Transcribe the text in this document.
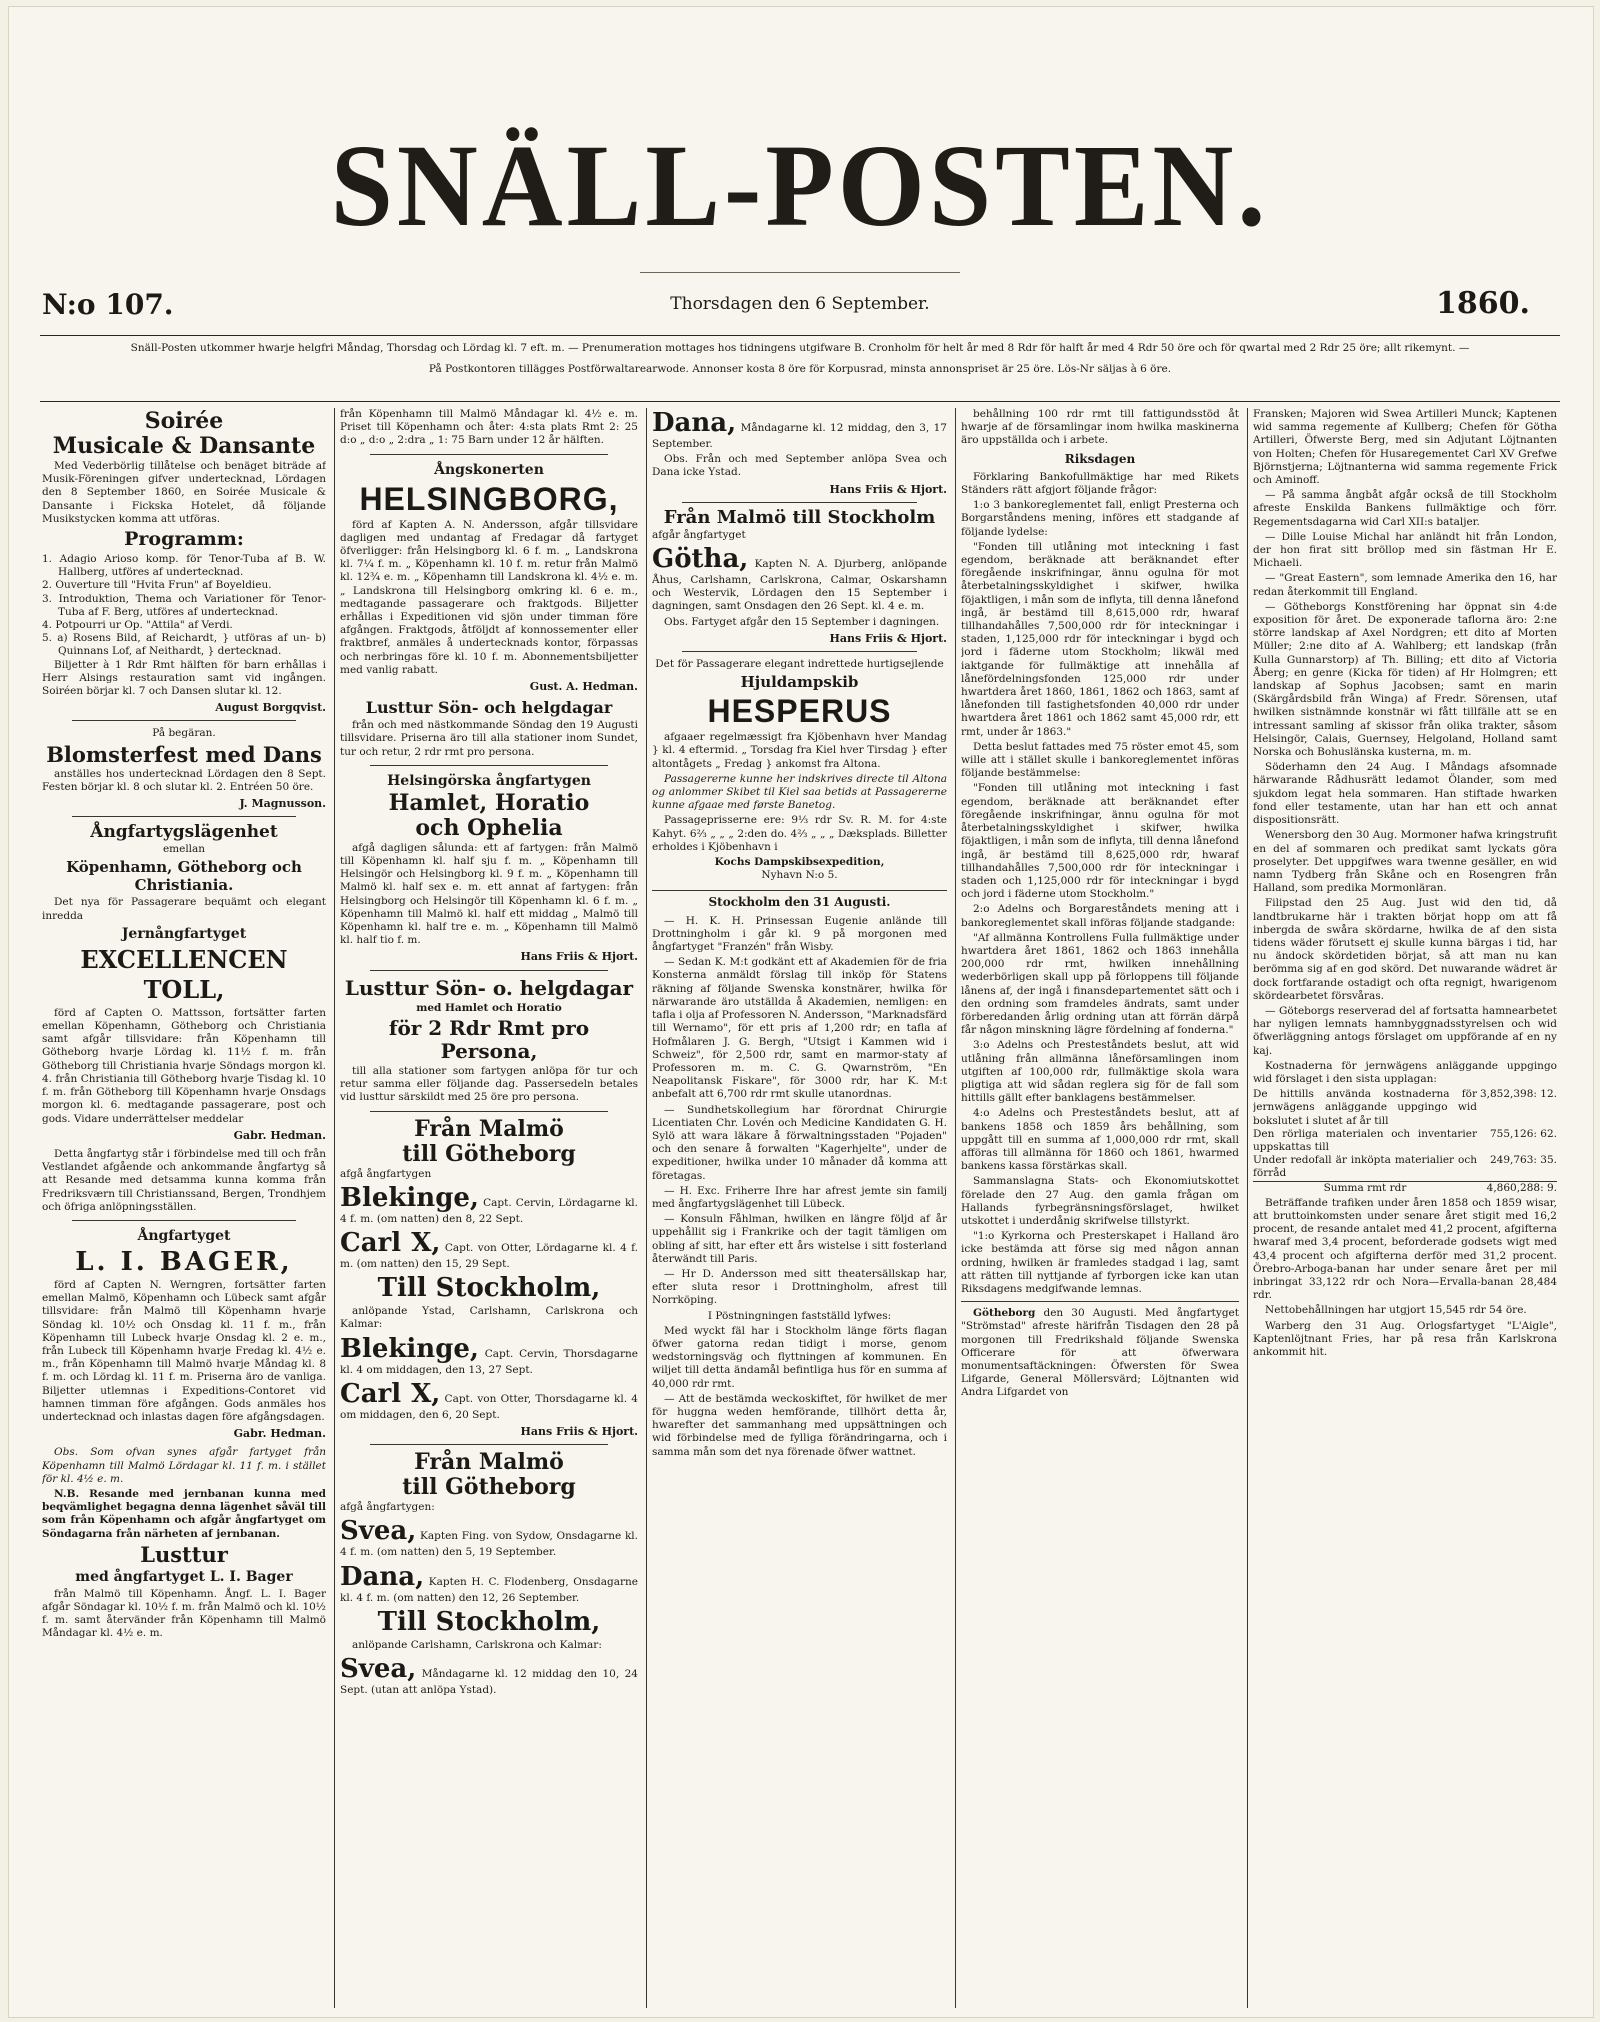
SNÄLL-POSTEN.
N:o 107.	Thorsdagen den 6 September.	1860.
Snäll-Posten utkommer hwarje helgfri Måndag, Thorsdag och Lördag kl. 7 eft. m. — Prenumeration mottages hos tidningens utgifware B. Cronholm för helt år med 8 Rdr för halft år med 4 Rdr 50 öre och för qwartal med 2 Rdr 25 öre; allt rikemynt. —
På Postkontoren tillägges Postförwaltarearwode. Annonser kosta 8 öre för Korpusrad, minsta annonspriset är 25 öre. Lös-Nr säljas à 6 öre.
Soirée
Musicale & Dansante

Med Vederbörlig tillåtelse och benäget biträde af Musik-Föreningen gifver undertecknad, Lördagen den 8 September 1860, en Soirée Musicale & Dansante i Fickska Hotelet, då följande Musikstycken komma att utföras.

Programm:
1. Adagio Arioso komp. för Tenor-Tuba af B. W. Hallberg, utföres af undertecknad.
2. Ouverture till "Hvita Frun" af Boyeldieu.
3. Introduktion, Thema och Variationer för Tenor-Tuba af F. Berg, utföres af undertecknad.
4. Potpourri ur Op. "Attila" af Verdi.
5. a) Rosens Bild, af Reichardt, } utföras af un- b) Quinnans Lof, af Neithardt, } dertecknad.

Biljetter à 1 Rdr Rmt hälften för barn erhållas i Herr Alsings restauration samt vid ingången. Soiréen börjar kl. 7 och Dansen slutar kl. 12.

August Borgqvist.
På begäran.
Blomsterfest med Dans

anställes hos undertecknad Lördagen den 8 Sept. Festen börjar kl. 8 och slutar kl. 2. Entréen 50 öre.

J. Magnusson.
Ångfartygslägenhet
emellan
Köpenhamn, Götheborg och Christiania.

Det nya för Passagerare bequämt och elegant inredda

Jernångfartyget
EXCELLENCEN TOLL,

förd af Capten O. Mattsson, fortsätter farten emellan Köpenhamn, Götheborg och Christiania samt afgår tillsvidare: från Köpenhamn till Götheborg hvarje Lördag kl. 11½ f. m. från Götheborg till Christiania hvarje Söndags morgon kl. 4. från Christiania till Götheborg hvarje Tisdag kl. 10 f. m. från Götheborg till Köpenhamn hvarje Onsdags morgon kl. 6. medtagande passagerare, post och gods. Vidare underrättelser meddelar

Gabr. Hedman.

Detta ångfartyg står i förbindelse med till och från Vestlandet afgående och ankommande ångfartyg så att Resande med detsamma kunna komma från Fredriksværn till Christianssand, Bergen, Trondhjem och öfriga anlöpningsställen.

Ångfartyget
L. I. BAGER,

förd af Capten N. Werngren, fortsätter farten emellan Malmö, Köpenhamn och Lübeck samt afgår tillsvidare: från Malmö till Köpenhamn hvarje Söndag kl. 10½ och Onsdag kl. 11 f. m., från Köpenhamn till Lubeck hvarje Onsdag kl. 2 e. m., från Lubeck till Köpenhamn hvarje Fredag kl. 4½ e. m., från Köpenhamn till Malmö hvarje Måndag kl. 8 f. m. och Lördag kl. 11 f. m. Priserna äro de vanliga. Biljetter utlemnas i Expeditions-Contoret vid hamnen timman före afgången. Gods anmäles hos undertecknad och inlastas dagen före afgångsdagen.

Gabr. Hedman.

Obs. Som ofvan synes afgår fartyget från Köpenhamn till Malmö Lördagar kl. 11 f. m. i stället för kl. 4½ e. m.

N.B. Resande med jernbanan kunna med beqvämlighet begagna denna lägenhet såväl till som från Köpenhamn och afgår ångfartyget om Söndagarna från närheten af jernbanan.

Lusttur
med ångfartyget L. I. Bager

från Malmö till Köpenhamn. Ångf. L. I. Bager afgår Söndagar kl. 10½ f. m. från Malmö och kl. 10½ f. m. samt återvänder från Köpenhamn till Malmö Måndagar kl. 4½ e. m.

från Köpenhamn till Malmö Måndagar kl. 4½ e. m. Priset till Köpenhamn och åter: 4:sta plats Rmt 2: 25 d:o „ d:o „ 2:dra „ 1: 75 Barn under 12 år hälften.

Ångskonerten
HELSINGBORG,

förd af Kapten A. N. Andersson, afgår tillsvidare dagligen med undantag af Fredagar då fartyget öfverligger: från Helsingborg kl. 6 f. m. „ Landskrona kl. 7¼ f. m. „ Köpenhamn kl. 10 f. m. retur från Malmö kl. 12¾ e. m. „ Köpenhamn till Landskrona kl. 4½ e. m. „ Landskrona till Helsingborg omkring kl. 6 e. m., medtagande passagerare och fraktgods. Biljetter erhållas i Expeditionen vid sjön under timman före afgången. Fraktgods, åtföljdt af konnossementer eller fraktbref, anmäles å undertecknads kontor, förpassas och nerbringas före kl. 10 f. m. Abonnementsbiljetter med vanlig rabatt.

Gust. A. Hedman.
Lusttur Sön- och helgdagar

från och med nästkommande Söndag den 19 Augusti tillsvidare. Priserna äro till alla stationer inom Sundet, tur och retur, 2 rdr rmt pro persona.

Helsingörska ångfartygen
Hamlet, Horatio
och Ophelia

afgå dagligen sålunda: ett af fartygen: från Malmö till Köpenhamn kl. half sju f. m. „ Köpenhamn till Helsingör och Helsingborg kl. 9 f. m. „ Köpenhamn till Malmö kl. half sex e. m. ett annat af fartygen: från Helsingborg och Helsingör till Köpenhamn kl. 6 f. m. „ Köpenhamn till Malmö kl. half ett middag „ Malmö till Köpenhamn kl. half tre e. m. „ Köpenhamn till Malmö kl. half tio f. m.

Hans Friis & Hjort.
Lusttur Sön- o. helgdagar
med Hamlet och Horatio
för 2 Rdr Rmt pro Persona,

till alla stationer som fartygen anlöpa för tur och retur samma eller följande dag. Passersedeln betales vid lusttur särskildt med 25 öre pro persona.

Från Malmö
till Götheborg

afgå ångfartygen

Blekinge, Capt. Cervin, Lördagarne kl. 4 f. m. (om natten) den 8, 22 Sept.

Carl X, Capt. von Otter, Lördagarne kl. 4 f. m. (om natten) den 15, 29 Sept.

Till Stockholm,

anlöpande Ystad, Carlshamn, Carlskrona och Kalmar:

Blekinge, Capt. Cervin, Thorsdagarne kl. 4 om middagen, den 13, 27 Sept.

Carl X, Capt. von Otter, Thorsdagarne kl. 4 om middagen, den 6, 20 Sept.

Hans Friis & Hjort.
Från Malmö
till Götheborg

afgå ångfartygen:

Svea, Kapten Fing. von Sydow, Onsdagarne kl. 4 f. m. (om natten) den 5, 19 September.

Dana, Kapten H. C. Flodenberg, Onsdagarne kl. 4 f. m. (om natten) den 12, 26 September.

Till Stockholm,

anlöpande Carlshamn, Carlskrona och Kalmar:

Svea, Måndagarne kl. 12 middag den 10, 24 Sept. (utan att anlöpa Ystad).

Dana, Måndagarne kl. 12 middag, den 3, 17 September.

Obs. Från och med September anlöpa Svea och Dana icke Ystad.

Hans Friis & Hjort.
Från Malmö till Stockholm

afgår ångfartyget

Götha, Kapten N. A. Djurberg, anlöpande Åhus, Carlshamn, Carlskrona, Calmar, Oskarshamn och Westervik, Lördagen den 15 September i dagningen, samt Onsdagen den 26 Sept. kl. 4 e. m.

Obs. Fartyget afgår den 15 September i dagningen.

Hans Friis & Hjort.

Det för Passagerare elegant indrettede hurtigsejlende

Hjuldampskib
HESPERUS

afgaaer regelmæssigt fra Kjöbenhavn hver Mandag } kl. 4 eftermid. „ Torsdag fra Kiel hver Tirsdag } efter altontågets „ Fredag } ankomst fra Altona.

Passagererne kunne her indskrives directe til Altona og anlommer Skibet til Kiel saa betids at Passagererne kunne afgaae med første Banetog.

Passageprisserne ere: 9⅓ rdr Sv. R. M. for 4:ste Kahyt. 6⅔ „ „ „ 2:den do. 4⅔ „ „ „ Dæksplads. Billetter erholdes i Kjöbenhavn i

Kochs Dampskibsexpedition,
Nyhavn N:o 5.
Stockholm den 31 Augusti.

— H. K. H. Prinsessan Eugenie anlände till Drottningholm i går kl. 9 på morgonen med ångfartyget "Franzén" från Wisby.

— Sedan K. M:t godkänt ett af Akademien för de fria Konsterna anmäldt förslag till inköp för Statens räkning af följande Swenska konstnärer, hwilka för närwarande äro utställda å Akademien, nemligen: en tafla i olja af Professoren N. Andersson, "Marknadsfärd till Wernamo", för ett pris af 1,200 rdr; en tafla af Hofmålaren J. G. Bergh, "Utsigt i Kammen wid i Schweiz", för 2,500 rdr, samt en marmor-staty af Professoren m. m. C. G. Qwarnström, "En Neapolitansk Fiskare", för 3000 rdr, har K. M:t anbefalt att 6,700 rdr rmt skulle utanordnas.

— Sundhetskollegium har förordnat Chirurgie Licentiaten Chr. Lovén och Medicine Kandidaten G. H. Sylö att wara läkare å förwaltningsstaden "Pojaden" och den senare å forwalten "Kagerhjelte", under de expeditioner, hwilka under 10 månader då komma att företagas.

— H. Exc. Friherre Ihre har afrest jemte sin familj med ångfartygslägenhet till Lübeck.

— Konsuln Fåhlman, hwilken en längre följd af år uppehållit sig i Frankrike och der tagit tämligen om obling af sitt, har efter ett års wistelse i sitt fosterland återwändt till Paris.

— Hr D. Andersson med sitt theatersällskap har, efter sluta resor i Drottningholm, afrest till Norrköping.

I Pöstningningen fastställd lyfwes:

Med wyckt fäl har i Stockholm länge förts flagan öfwer gatorna redan tidigt i morse, genom wedstorningsväg och flyttningen af kommunen. En wiljet till detta ändamål befintliga hus för en summa af 40,000 rdr rmt.

— Att de bestämda weckoskiftet, för hwilket de mer för huggna weden hemförande, tillhört detta år, hwarefter det sammanhang med uppsättningen och wid förbindelse med de fylliga förändringarna, och i samma mån som det nya förenade öfwer wattnet.

behållning 100 rdr rmt till fattigundsstöd åt hwarje af de församlingar inom hwilka maskinerna äro uppställda och i arbete.

Riksdagen

Förklaring Bankofullmäktige har med Rikets Ständers rätt afgjort följande frågor:

1:o 3 bankoreglementet fall, enligt Presterna och Borgarståndens mening, införes ett stadgande af följande lydelse:

"Fonden till utlåning mot inteckning i fast egendom, beräknade att beräknandet efter föregående inskrifningar, ännu ogulna för mot återbetalningsskyldighet i skifwer, hwilka föjaktligen, i mån som de inflyta, till denna lånefond ingå, är bestämd till 8,615,000 rdr, hwaraf tillhandahålles 7,500,000 rdr för inteckningar i staden, 1,125,000 rdr för inteckningar i bygd och jord i fäderne utom Stockholm; likwäl med iaktgande för fullmäktige att innehålla af lånefördelningsfonden 125,000 rdr under hwartdera året 1860, 1861, 1862 och 1863, samt af lånefonden till fastighetsfonden 40,000 rdr under hwartdera året 1861 och 1862 samt 45,000 rdr, ett rmt, under år 1863."

Detta beslut fattades med 75 röster emot 45, som wille att i stället skulle i bankoreglementet införas följande bestämmelse:

"Fonden till utlåning mot inteckning i fast egendom, beräknade att beräknandet efter föregående inskrifningar, ännu ogulna för mot återbetalningsskyldighet i skifwer, hwilka föjaktligen, i mån som de inflyta, till denna lånefond ingå, är bestämd till 8,625,000 rdr, hwaraf tillhandahålles 7,500,000 rdr för inteckningar i staden och 1,125,000 rdr för inteckningar i bygd och jord i fäderne utom Stockholm."

2:o Adelns och Borgareståndets mening att i bankoreglementet skall införas följande stadgande:

"Af allmänna Kontrollens Fulla fullmäktige under hwartdera året 1861, 1862 och 1863 innehålla 200,000 rdr rmt, hwilken innehållning wederbörligen skall upp på förloppens till följande lånens af, der ingå i finansdepartementet sätt och i den ordning som framdeles ändrats, samt under förberedanden årlig ordning utan att förrän därpå får någon minskning lägre fördelning af fonderna."

3:o Adelns och Presteståndets beslut, att wid utlåning från allmänna låneförsamlingen inom utgiften af 100,000 rdr, fullmäktige skola wara pligtiga att wid sådan reglera sig för de fall som hittills gällt efter banklagens bestämmelser.

4:o Adelns och Presteståndets beslut, att af bankens 1858 och 1859 års behållning, som uppgått till en summa af 1,000,000 rdr rmt, skall afföras till allmänna för 1860 och 1861, hwarmed bankens kassa förstärkas skall.

Sammanslagna Stats- och Ekonomiutskottet förelade den 27 Aug. den gamla frågan om Hallands fyrbegränsningsförslaget, hwilket utskottet i underdånig skrifwelse tillstyrkt.

"1:o Kyrkorna och Presterskapet i Halland äro icke bestämda att förse sig med någon annan ordning, hwilken är framledes stadgad i lag, samt att rätten till nyttjande af fyrborgen icke kan utan Riksdagens medgifwande lemnas.

Götheborg den 30 Augusti. Med ångfartyget "Strömstad" afreste härifrån Tisdagen den 28 på morgonen till Fredrikshald följande Swenska Officerare för att öfwerwara monumentsaftäckningen: Öfwersten för Swea Lifgarde, General Möllersvärd; Löjtnanten wid Andra Lifgardet von

Fransken; Majoren wid Swea Artilleri Munck; Kaptenen wid samma regemente af Kullberg; Chefen för Götha Artilleri, Öfwerste Berg, med sin Adjutant Löjtnanten von Holten; Chefen för Husaregementet Carl XV Grefwe Björnstjerna; Löjtnanterna wid samma regemente Frick och Aminoff.

— På samma ångbåt afgår också de till Stockholm afreste Enskilda Bankens fullmäktige och förr. Regementsdagarna wid Carl XII:s bataljer.

— Dille Louise Michal har anländt hit från London, der hon firat sitt bröllop med sin fästman Hr E. Michaeli.

— "Great Eastern", som lemnade Amerika den 16, har redan återkommit till England.

— Götheborgs Konstförening har öppnat sin 4:de exposition för året. De exponerade taflorna äro: 2:ne större landskap af Axel Nordgren; ett dito af Morten Müller; 2:ne dito af A. Wahlberg; ett landskap (från Kulla Gunnarstorp) af Th. Billing; ett dito af Victoria Åberg; en genre (Kicka för tiden) af Hr Holmgren; ett landskap af Sophus Jacobsen; samt en marin (Skärgårdsbild från Winga) af Fredr. Sörensen, utaf hwilken sistnämnde konstnär wi fått tillfälle att se en intressant samling af skissor från olika trakter, såsom Helsingör, Calais, Guernsey, Helgoland, Holland samt Norska och Bohuslänska kusterna, m. m.

Söderhamn den 24 Aug. I Måndags afsomnade härwarande Rådhusrätt ledamot Ölander, som med sjukdom legat hela sommaren. Han stiftade hwarken fond eller testamente, utan har han ett och annat dispositionsrätt.

Wenersborg den 30 Aug. Mormoner hafwa kringstrufit en del af sommaren och predikat samt lyckats göra proselyter. Det uppgifwes wara twenne gesäller, en wid namn Tydberg från Skåne och en Rosengren från Halland, som predika Mormonläran.

Filipstad den 25 Aug. Just wid den tid, då landtbrukarne här i trakten börjat hopp om att få inbergda de swåra skördarne, hwilka de af den sista tidens wäder förutsett ej skulle kunna bärgas i tid, har nu ändock skördetiden börjat, så att man nu kan berömma sig af en god skörd. Det nuwarande wädret är dock fortfarande ostadigt och ofta regnigt, hwarigenom skördearbetet försvåras.

— Göteborgs reserverad del af fortsatta hamnearbetet har nyligen lemnats hamnbyggnadsstyrelsen och wid öfwerläggning antogs förslaget om uppförande af en ny kaj.

Kostnaderna för jernwägens anläggande uppgingo wid förslaget i den sista upplagan:

De hittills använda kostnaderna för jernwägens anläggande uppgingo wid bokslutet i slutet af år till
3,852,398: 12.
Den rörliga materialen och inventarier uppskattas till
755,126: 62.
Under redofall är inköpta materialier och förråd
249,763: 35.
Summa rmt rdr	4,860,288: 9.

Beträffande trafiken under åren 1858 och 1859 wisar, att bruttoinkomsten under senare året stigit med 16,2 procent, de resande antalet med 41,2 procent, afgifterna hwaraf med 3,4 procent, beforderade godsets wigt med 43,4 procent och afgifterna derför med 31,2 procent. Örebro-Arboga-banan har under senare året per mil inbringat 33,122 rdr och Nora—Ervalla-banan 28,484 rdr.

Nettobehållningen har utgjort 15,545 rdr 54 öre.

Warberg den 31 Aug. Orlogsfartyget "L'Aigle", Kaptenlöjtnant Fries, har på resa från Karlskrona ankommit hit.
